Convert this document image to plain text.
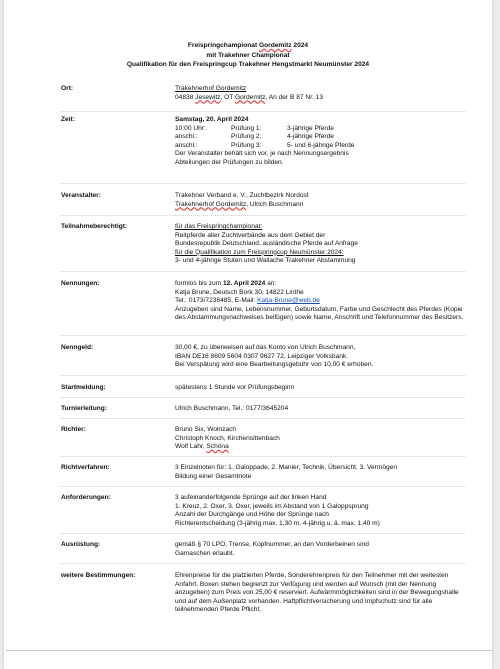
Freispringchampionat Gordemitz 2024
mit Trakehner Championat
Qualifikation für den Freispringcup Trakehner Hengstmarkt Neumünster 2024
Ort:	Trakehnerhof Gordemitz
04838 Jesewitz, OT Gordemitz, An der B 87 Nr. 13
Zeit:	Samstag, 20. April 2024
10:00 Uhr:	Prüfung 1:	3-jährige Pferde
anschl.:	Prüfung 2:	4-jährige Pferde
anschl.:	Prüfung 3:	5- und 6-jährige Pferde
Der Veranstalter behält sich vor, je nach Nennungsergebnis
Abteilungen der Prüfungen zu bilden.
Veranstalter:	Trakehner Verband e. V., Zuchtbezirk Nordost
Trakehnerhof Gordemitz, Ulrich Buschmann
Teilnahmeberechtigt:	für das Freispringchampionat:
Reitpferde aller Zuchtverbände aus dem Gebiet der
Bundesrepublik Deutschland, ausländische Pferde auf Anfrage
für die Qualifikation zum Freispringcup Neumünster 2024:
3- und 4-jährige Stuten und Wallache Trakehner Abstammung
Nennungen:	formlos bis zum 12. April 2024 an:
Katja Brune, Deutsch Bork 30, 14822 Linthe
Tel.: 0173/7238485, E-Mail: Katja-Brune@web.de
Anzugeben sind Name, Lebensnummer, Geburtsdatum, Farbe und Geschlecht des Pferdes (Kopie des Abstammungsnachweises beifügen) sowie Name, Anschrift und Telefonnummer des Besitzers.
Nenngeld:	30,00 €, zu überweisen auf das Konto von Ulrich Buschmann,
IBAN DE16 8609 5604 0307 9627 72, Leipziger Volksbank.
Bei Verspätung wird eine Bearbeitungsgebühr von 10,00 € erhoben.
Startmeldung:	spätestens 1 Stunde vor Prüfungsbeginn
Turnierleitung:	Ulrich Buschmann, Tel.: 0177/3645204
Richter:	Bruno Six, Wolnzach
Christoph Knoch, Kirchensittenbach
Wolf Lahr, Schöna
Richtverfahren:	3 Einzelnoten für: 1. Galoppade, 2. Manier, Technik, Übersicht, 3. Vermögen
Bildung einer Gesamtnote
Anforderungen:	3 aufeinanderfolgende Sprünge auf der linken Hand
1. Kreuz, 2. Oxer, 3. Oxer, jeweils im Abstand von 1 Galoppsprung
Anzahl der Durchgänge und Höhe der Sprünge nach
Richterentscheidung (3-jährig max. 1,30 m, 4-jährig u. ä. max. 1,40 m)
Ausrüstung:	gemäß § 70 LPO, Trense, Kopfnummer, an den Vorderbeinen sind
Gamaschen erlaubt.
weitere Bestimmungen:	Ehrenpreise für die platzierten Pferde, Sonderehrenpreis für den Teilnehmer mit der weitesten Anfahrt. Boxen stehen begrenzt zur Verfügung und werden auf Wunsch (mit der Nennung anzugeben) zum Preis von 25,00 € reserviert. Aufwärmmöglichkeiten sind in der Bewegungshalle und auf dem Außenplatz vorhanden. Haftpflichtversicherung und Impfschutz sind für alle teilnehmenden Pferde Pflicht.
